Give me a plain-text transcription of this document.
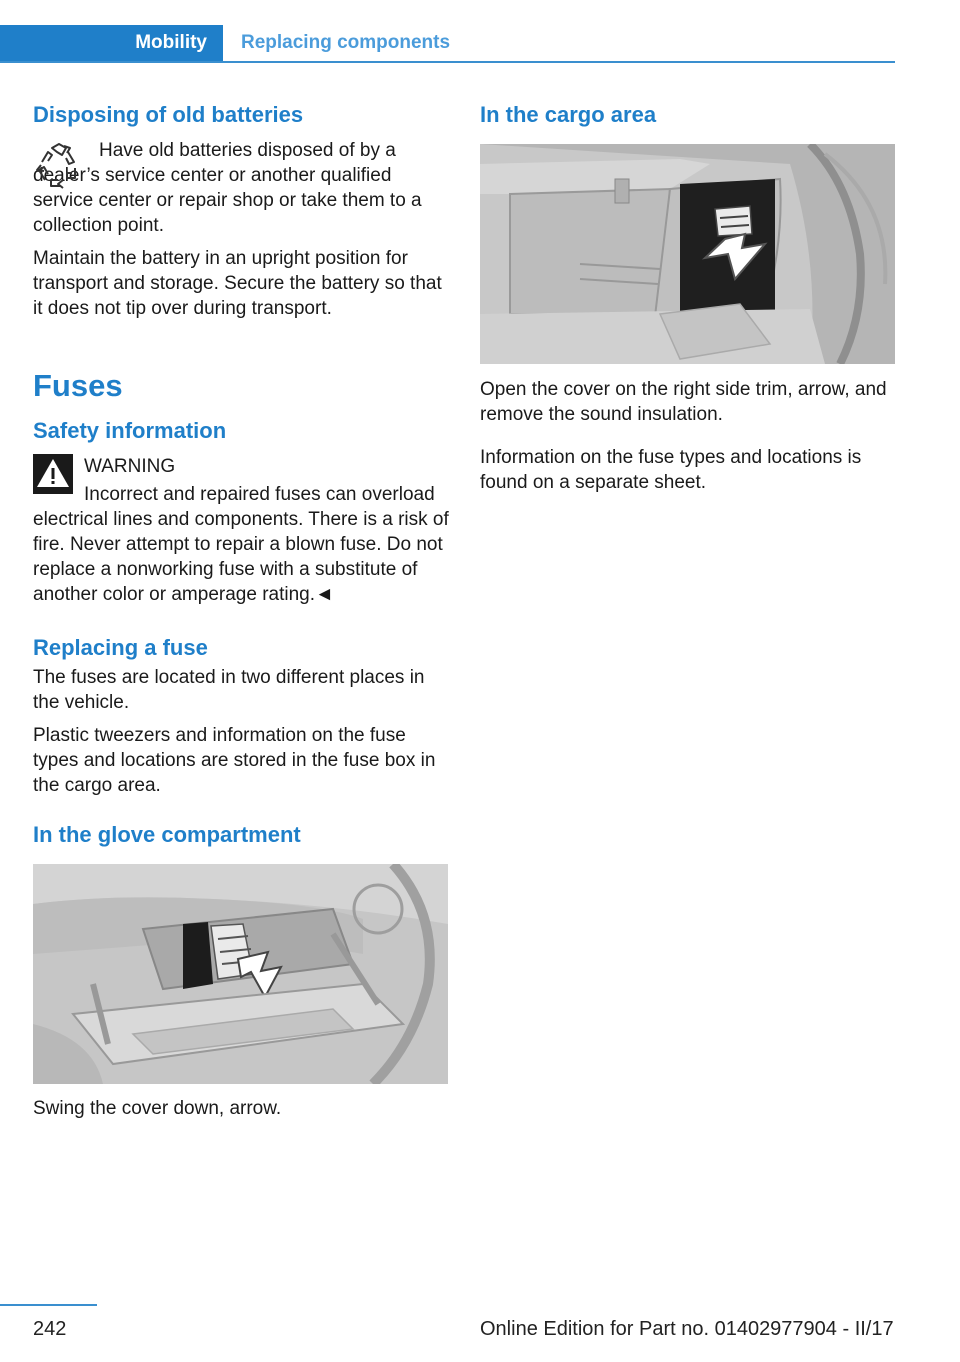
Mobility	Replacing components
Disposing of old batteries

Have old batteries disposed of by a dealer’s service center or another qualified service center or repair shop or take them to a collection point.

Maintain the battery in an upright position for transport and storage. Secure the battery so that it does not tip over during transport.

Fuses
Safety information

WARNING

Incorrect and repaired fuses can overload electrical lines and components. There is a risk of fire. Never attempt to repair a blown fuse. Do not replace a nonworking fuse with a substitute of another color or amperage rating.◄

Replacing a fuse

The fuses are located in two different places in the vehicle.

Plastic tweezers and information on the fuse types and locations are stored in the fuse box in the cargo area.

In the glove compartment

Swing the cover down, arrow.

In the cargo area

Open the cover on the right side trim, arrow, and remove the sound insulation.

Information on the fuse types and locations is found on a separate sheet.

242	Online Edition for Part no. 01402977904 - II/17
